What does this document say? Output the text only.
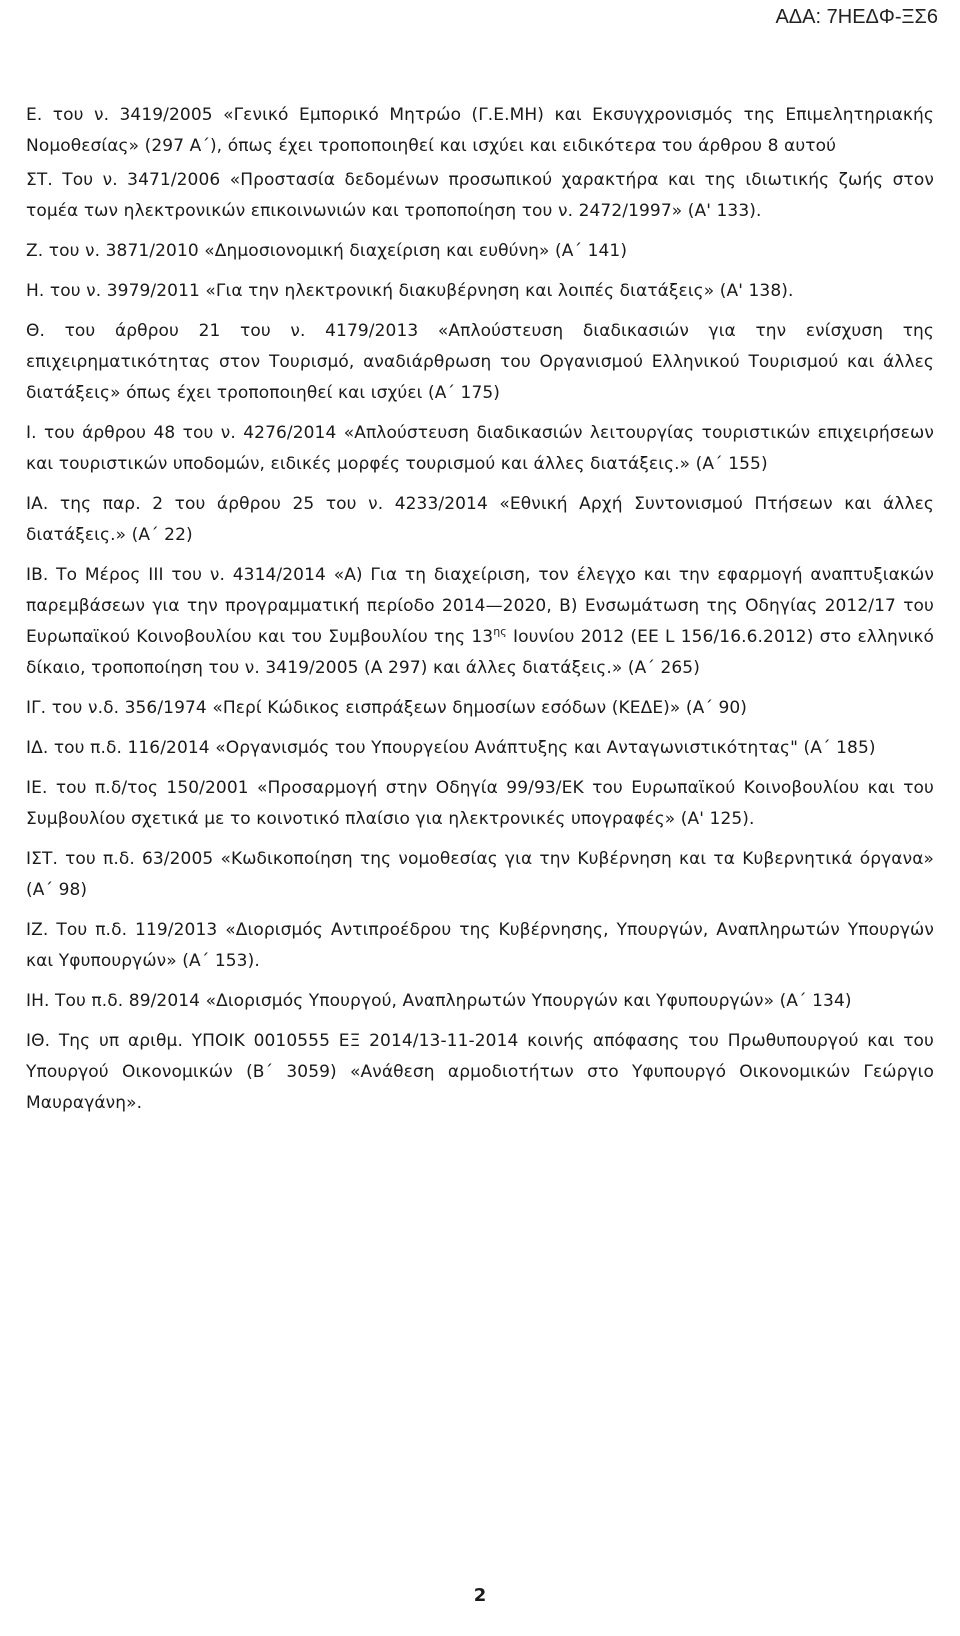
ΑΔΑ: 7ΗΕΔΦ-ΞΣ6

Ε. του ν. 3419/2005 «Γενικό Εμπορικό Μητρώο (Γ.Ε.ΜΗ) και Εκσυγχρονισμός της Επιμελητηριακής Νομοθεσίας» (297 Α΄), όπως έχει τροποποιηθεί και ισχύει και ειδικότερα του άρθρου 8 αυτού

ΣΤ. Του ν. 3471/2006 «Προστασία δεδομένων προσωπικού χαρακτήρα και της ιδιωτικής ζωής στον τομέα των ηλεκτρονικών επικοινωνιών και τροποποίηση του ν. 2472/1997» (Α' 133).

Ζ. του ν. 3871/2010 «Δημοσιονομική διαχείριση και ευθύνη» (Α΄ 141)

Η. του ν. 3979/2011 «Για την ηλεκτρονική διακυβέρνηση και λοιπές διατάξεις» (Α' 138).

Θ. του άρθρου 21 του ν. 4179/2013 «Απλούστευση διαδικασιών για την ενίσχυση της επιχειρηματικότητας στον Τουρισμό, αναδιάρθρωση του Οργανισμού Ελληνικού Τουρισμού και άλλες διατάξεις» όπως έχει τροποποιηθεί και ισχύει (Α΄ 175)

Ι. του άρθρου 48 του ν. 4276/2014 «Απλούστευση διαδικασιών λειτουργίας τουριστικών επιχειρήσεων και τουριστικών υποδομών, ειδικές μορφές τουρισμού και άλλες διατάξεις.» (Α΄ 155)

ΙΑ. της παρ. 2 του άρθρου 25 του ν. 4233/2014 «Εθνική Αρχή Συντονισμού Πτήσεων και άλλες διατάξεις.» (Α΄ 22)

ΙΒ. Το Μέρος ΙΙΙ του ν. 4314/2014 «Α) Για τη διαχείριση, τον έλεγχο και την εφαρμογή αναπτυξιακών παρεμβάσεων για την προγραμματική περίοδο 2014—2020, Β) Ενσωμάτωση της Οδηγίας 2012/17 του Ευρωπαϊκού Κοινοβουλίου και του Συμβουλίου της $13^{\eta\varsigma}$ Ιουνίου 2012 (ΕΕ L 156/16.6.2012) στο ελληνικό δίκαιο, τροποποίηση του ν. 3419/2005 (Α 297) και άλλες διατάξεις.» (Α΄ 265)

ΙΓ. του ν.δ. 356/1974 «Περί Κώδικος εισπράξεων δημοσίων εσόδων (ΚΕΔΕ)» (Α΄ 90)

ΙΔ. του π.δ. 116/2014 «Οργανισμός του Υπουργείου Ανάπτυξης και Ανταγωνιστικότητας" (Α΄ 185)

ΙΕ. του π.δ/τος 150/2001 «Προσαρμογή στην Οδηγία 99/93/ΕΚ του Ευρωπαϊκού Κοινοβουλίου και του Συμβουλίου σχετικά με το κοινοτικό πλαίσιο για ηλεκτρονικές υπογραφές» (Α' 125).

ΙΣΤ. του π.δ. 63/2005 «Κωδικοποίηση της νομοθεσίας για την Κυβέρνηση και τα Κυβερνητικά όργανα» (Α΄ 98)

ΙΖ. Του π.δ. 119/2013 «Διορισμός Αντιπροέδρου της Κυβέρνησης, Υπουργών, Αναπληρωτών Υπουργών και Υφυπουργών» (Α΄ 153).

ΙΗ. Του π.δ. 89/2014 «Διορισμός Υπουργού, Αναπληρωτών Υπουργών και Υφυπουργών» (Α΄ 134)

ΙΘ. Της υπ αριθμ. ΥΠΟΙΚ 0010555 ΕΞ 2014/13-11-2014 κοινής απόφασης του Πρωθυπουργού και του Υπουργού Οικονομικών (Β΄ 3059) «Ανάθεση αρμοδιοτήτων στο Υφυπουργό Οικονομικών Γεώργιο Μαυραγάνη».

2
